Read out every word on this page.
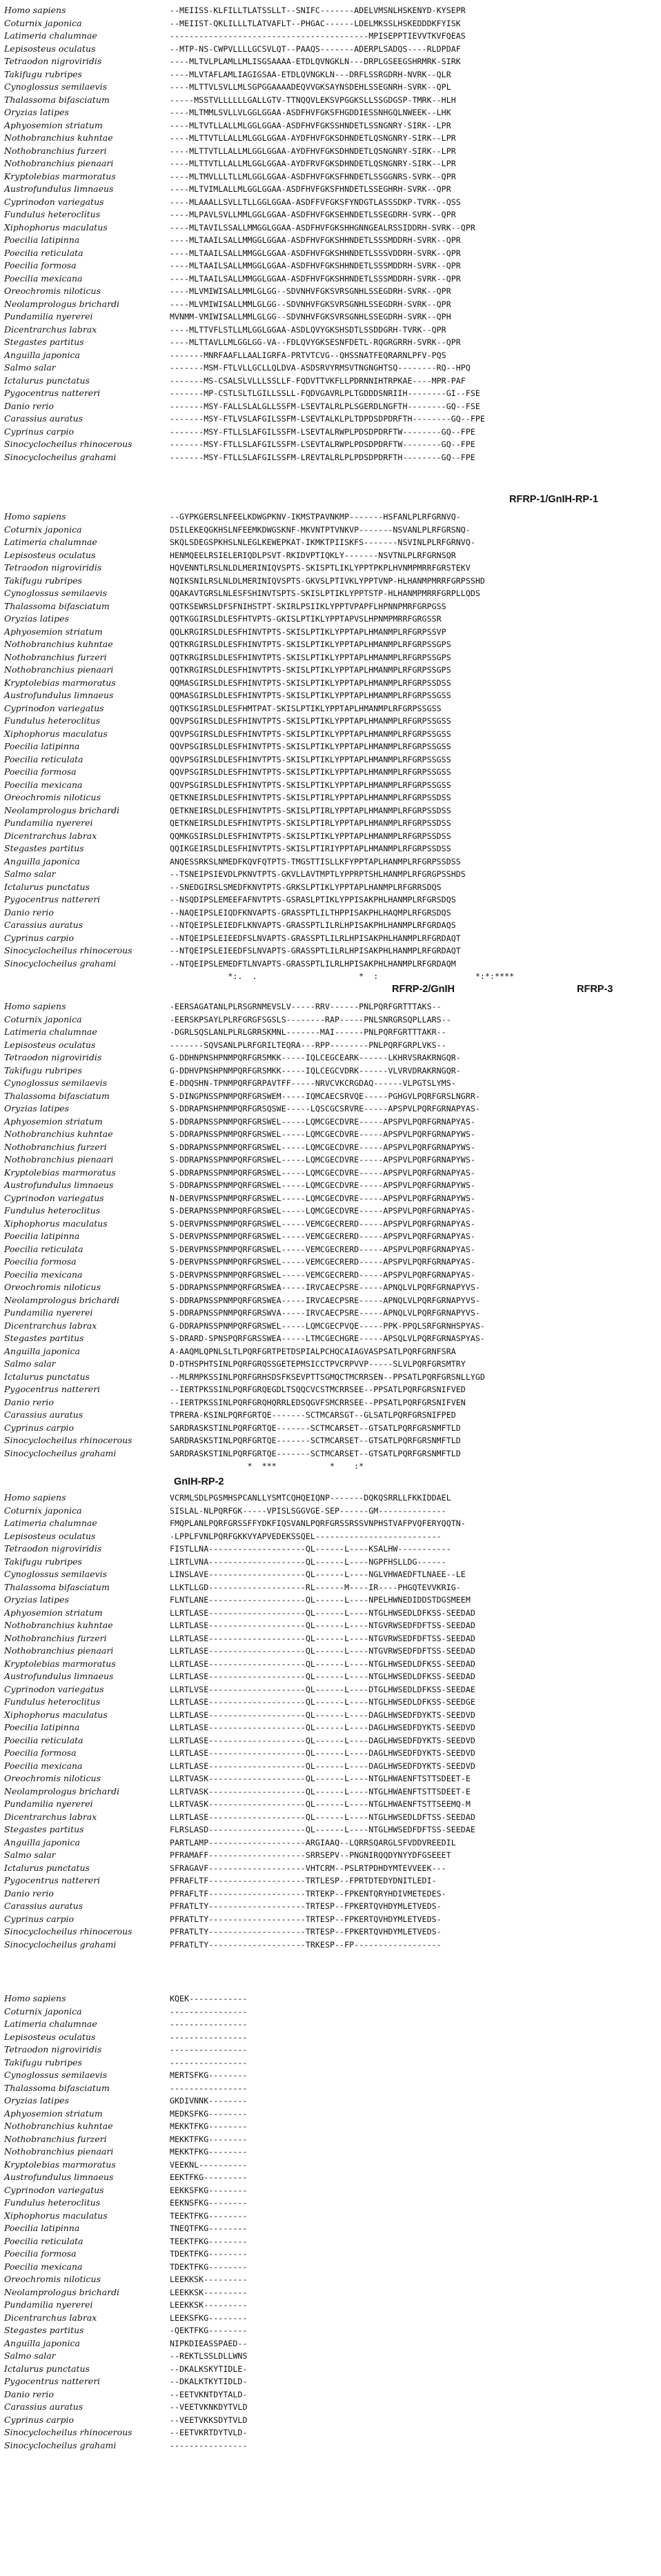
RFRP-1/GnIH-RP-1
RFRP-2/GnIH	RFRP-3
GnIH-RP-2
Homo sapiens	--MEIISS-KLFILLTLATSSLLT--SNIFC-------ADELVMSNLHSKENYD-KYSEPR
Coturnix japonica	--MEIIST-QKLILLLTLATVAFLT--PHGAC------LDELMKSSLHSKEDDDKFYISK
Latimeria chalumnae	-----------------------------------------MPISEPPTIEVVTKVFQEAS
Lepisosteus oculatus	--MTP-NS-CWPVLLLLGCSVLQT--PAAQS-------ADERPLSADQS----RLDPDAF
Tetraodon nigroviridis	----MLTVLPLAMLLMLISGSAAAA-ETDLQVNGKLN---DRPLGSEEGSHRMRK-SIRK
Takifugu rubripes	----MLVTAFLAMLIAGIGSAA-ETDLQVNGKLN---DRFLSSRGDRH-NVRK--QLR
Cynoglossus semilaevis	----MLTTVLSVLLMLSGPGGAAAADEQVVGKSAYNSDEHLSSEGNRH-SVRK--QPL
Thalassoma bifasciatum	-----MSSTVLLLLLLGALLGTV-TTNQQVLEKSVPGGKSLLSSGDGSP-TMRK--HLH
Oryzias latipes	----MLTMMLSVLLVLGGLGGAA-ASDFHVFGKSFHGDDIESSNHGQLNWEEK--LHK
Aphyosemion striatum	----MLTVTLLALLMLGGLGGAA-ASDFHVFGKSSHNDETLSSNGNRY-SIRK--LPR
Nothobranchius kuhntae	----MLTTVTLLALLMLGGLGGAA-AYDFHVFGKSDHNDETLQSNGNRY-SIRK--LPR
Nothobranchius furzeri	----MLTTVTLLALLMLGGLGGAA-AYDFHVFGKSDHNDETLQSNGNRY-SIRK--LPR
Nothobranchius pienaari	----MLTTVTLLALLMLGGLGGAA-AYDFRVFGKSDHNDETLQSNGNRY-SIRK--LPR
Kryptolebias marmoratus	----MLTMVLLLTLLMLGGLGGAA-ASDFHVFGKSFHNDETLSSGGNRS-SVRK--QPR
Austrofundulus limnaeus	----MLTVIMLALLMLGGLGGAA-ASDFHVFGKSFHNDETLSSEGHRH-SVRK--QPR
Cyprinodon variegatus	----MLAAALLSVLLTLLGGLGGAA-ASDFFVFGKSFYNDGTLASSSDKP-TVRK--QSS
Fundulus heteroclitus	----MLPAVLSVLLMMLGGLGGAA-ASDFHVFGKSEHNDETLSSEGDRH-SVRK--QPR
Xiphophorus maculatus	----MLTAVILSSALLMMGGLGGAA-ASDFHVFGKSHHGNNGEALRSSIDDRH-SVRK--QPR
Poecilia latipinna	----MLTAAILSALLMMGGLGGAA-ASDFHVFGKSHHNDETLSSSMDDRH-SVRK--QPR
Poecilia reticulata	----MLTAAILSALLMMGGLGGAA-ASDFHVFGKSHHNDETLSSSVDDRH-SVRK--QPR
Poecilia formosa	----MLTAAILSALLMMGGLGGAA-ASDFHVFGKSHHNDETLSSSMDDRH-SVRK--QPR
Poecilia mexicana	----MLTAAILSALLMMGGLGGAA-ASDFHVFGKSHHNDETLSSSMDDRH-SVRK--QPR
Oreochromis niloticus	----MLVMIWISALLMMLGLGG--SDVNHVFGKSVRSGNHLSSEGDRH-SVRK--QPR
Neolamprologus brichardi	----MLVMIWISALLMMLGLGG--SDVNHVFGKSVRSGNHLSSEGDRH-SVRK--QPR
Pundamilia nyererei	MVNMM-VMIWISALLMMLGLGG--SDVNHVFGKSVRSGNHLSSEGDRH-SVRK--QPH
Dicentrarchus labrax	----MLTTVFLSTLLMLGGLGGAA-ASDLQVYGKSHSDTLSSDDGRH-TVRK--QPR
Stegastes partitus	----MLTTAVLLMLGGLGG-VA--FDLQVYGKSESNFDETL-RQGRGRRH-SVRK--QPR
Anguilla japonica	-------MNRFAAFLLAALIGRFA-PRTVTCVG--QHSSNATFEQRARNLPFV-PQS
Salmo salar	-------MSM-FTLVLLGCLLQLDVA-ASDSRVYRMSVTNGNGHTSQ--------RQ--HPQ
Ictalurus punctatus	-------MS-CSALSLVLLLSSLLF-FQDVTTVKFLLPDRNNIHTRPKAE----MPR-PAF
Pygocentrus nattereri	-------MP-CSTLSLTLGILLSSLL-FQDVGAVRLPLTGDDDSNRIIH--------GI--FSE
Danio rerio	-------MSY-FALLSLALGLLSSFM-LSEVTALRLPLSGERDLNGFTH--------GQ--FSE
Carassius auratus	-------MSY-FTLVSLAFGILSSFM-LSEVTALKLPLTDPDSDPDRFTH--------GQ--FPE
Cyprinus carpio	-------MSY-FTLLSLAFGILSSFM-LSEVTALRWPLPDSDPDRFTW--------GQ--FPE
Sinocyclocheilus rhinocerous	-------MSY-FTLLSLAFGILSSFM-LSEVTALRWPLPDSDPDRFTW--------GQ--FPE
Sinocyclocheilus grahami	-------MSY-FTLLSLAFGILSSFM-LREVTALRLPLPDSDPDRFTH--------GQ--FPE
Homo sapiens	--GYPKGERSLNFEELKDWGPKNV-IKMSTPAVNKMP-------HSFANLPLRFGRNVQ-
Coturnix japonica	DSILEKEQGKHSLNFEEMKDWGSKNF-MKVNTPTVNKVP-------NSVANLPLRFGRSNQ-
Latimeria chalumnae	SKQLSDEGSPKHSLNLEGLKEWEPKAT-IKMKTPIISKFS-------NSVINLPLRFGRNVQ-
Lepisosteus oculatus	HENMQEELRSIELERIQDLPSVT-RKIDVPTIQKLY-------NSVTNLPLRFGRNSQR
Tetraodon nigroviridis	HQVENNTLRSLNLDLMERINIQVSPTS-SKISPTLIKLYPPTPKPLHVNMPMRRFGRSTEKV
Takifugu rubripes	NQIKSNILRSLNLDLMERINIQVSPTS-GKVSLPTIVKLYPPTVNP-HLHANMPMRRFGRPSSHD
Cynoglossus semilaevis	QQAKAVTGRSLNLESFSHINVTSPTS-SKISLPTIKLYPPTSTP-HLHANMPMRRFGRPLLQDS
Thalassoma bifasciatum	QQTKSEWRSLDFSFNIHSTPT-SKIRLPSIIKLYPPTVPAPFLHPNNPMRFGRPGSS
Oryzias latipes	QQTKGGIRSLDLESFHTVPTS-GKISLPTIKLYPPTAPVSLHPNMPMRRFGRGSSR
Aphyosemion striatum	QQLKRGIRSLDLESFHINVTPTS-SKISLPTIKLYPPTAPLHMANMPLRFGRPSSVP
Nothobranchius kuhntae	QQTKRGIRSLDLESFHINVTPTS-SKISLPTIKLYPPTAPLHMANMPLRFGRPSSGPS
Nothobranchius furzeri	QQTKRGIRSLDLESFHINVTPTS-SKISLPTIKLYPPTAPLHMANMPLRFGRPSSGPS
Nothobranchius pienaari	QQTKRGIRSLDLESFHINVTPTS-SKISLPTIKLYPPTAPLHMANMPLRFGRPSSGPS
Kryptolebias marmoratus	QQMASGIRSLDLESFHINVTPTS-SKISLPTIKLYPPTAPLHMANMPLRFGRPSSDSS
Austrofundulus limnaeus	QQMASGIRSLDLESFHINVTPTS-SKISLPTIKLYPPTAPLHMANMPLRFGRPSSGSS
Cyprinodon variegatus	QQTKSGIRSLDLESFHMTPAT-SKISLPTIKLYPPTAPLHMANMPLRFGRPSSGSS
Fundulus heteroclitus	QQVPSGIRSLDLESFHINVTPTS-SKISLPTIKLYPPTAPLHMANMPLRFGRPSSGSS
Xiphophorus maculatus	QQVPSGIRSLDLESFHINVTPTS-SKISLPTIKLYPPTAPLHMANMPLRFGRPSSGSS
Poecilia latipinna	QQVPSGIRSLDLESFHINVTPTS-SKISLPTIKLYPPTAPLHMANMPLRFGRPSSGSS
Poecilia reticulata	QQVPSGIRSLDLESFHINVTPTS-SKISLPTIKLYPPTAPLHMANMPLRFGRPSSGSS
Poecilia formosa	QQVPSGIRSLDLESFHINVTPTS-SKISLPTIKLYPPTAPLHMANMPLRFGRPSSGSS
Poecilia mexicana	QQVPSGIRSLDLESFHINVTPTS-SKISLPTIKLYPPTAPLHMANMPLRFGRPSSGSS
Oreochromis niloticus	QETKNEIRSLDLESFHINVTPTS-SKISLPTIRLYPPTAPLHMANMPLRFGRPSSDSS
Neolamprologus brichardi	QETKNEIRSLDLESFHINVTPTS-SKISLPTIRLYPPTAPLHMANMPLRFGRPSSDSS
Pundamilia nyererei	QETKNEIRSLDLESFHINVTPTS-SKISLPTIRLYPPTAPLHMANMPLRFGRPSSDSS
Dicentrarchus labrax	QQMKGSIRSLDLESFHINVTPTS-SKISLPTIKLYPPTAPLHMANMPLRFGRPSSDSS
Stegastes partitus	QQIKGEIRSLDLESFHINVTPTS-SKISLPTIRIYPPTAPLHMANMPLRFGRPSSDSS
Anguilla japonica	ANQESSRKSLNMEDFKQVFQTPTS-TMGSTTISLLKFYPPTAPLHANMPLRFGRPSSDSS
Salmo salar	--TSNEIPSIEVDLPKNVTPTS-GKVLLAVTMPTLYPPRPTSHLHANMPLRFGRGPSSHDS
Ictalurus punctatus	--SNEDGIRSLSMEDFKNVTPTS-GRKSLPTIKLYPPTAPLHANMPLRFGRRSDQS
Pygocentrus nattereri	--NSQDIPSLEMEEFAFNVTPTS-GSRASLPTIKLYPPISAKPHLHANMPLRFGRSDQS
Danio rerio	--NAQEIPSLEIQDFKNVAPTS-GRASSPTLILTHPPISAKPHLHAQMPLRFGRSDQS
Carassius auratus	--NTQEIPSLEIEDFLKNVAPTS-GRASSPTLILRLHPISAKPHLHANMPLRFGRDAQS
Cyprinus carpio	--NTQEIPSLEIEEDFSLNVAPTS-GRASSPTLILRLHPISAKPHLHANMPLRFGRDAQT
Sinocyclocheilus rhinocerous	--NTQEIPSLEIEEDFSLNVAPTS-GRASSPTLILRLHPISAKPHLHANMPLRFGRDAQT
Sinocyclocheilus grahami	--NTQEIPSLEMEDFTLNVAPTS-GRASSPTLILRLHPISAKPHLHANMPLRFGRDAQM
*:.  .                     *  :                    *:*:****
Homo sapiens	-EERSAGATANLPLRSGRNMEVSLV-----RRV------PNLPQRFGRTTTAKS--
Coturnix japonica	-EERSKPSAYLPLRFGRGFSGSLS--------RAP-----PNLSNRGRSQPLLARS--
Latimeria chalumnae	-DGRLSQSLANLPLRLGRRSKMNL-------MAI------PNLPQRFGRTTTAKR--
Lepisosteus oculatus	-------SQVSANLPLRFGRILTEQRA---RPP--------PNLPQRFGRPLVKS--
Tetraodon nigroviridis	G-DDHNPNSHPNMPQRFGRSMKK-----IQLCEGCEARK------LKHRVSRAKRNGQR-
Takifugu rubripes	G-DDHVPNSHPNMPQRFGRSMKK-----IQLCEGCVDRK------VLVRVDRAKRNGQR-
Cynoglossus semilaevis	E-DDQSHN-TPNMPQRFGRPAVTFF-----NRVCVKCRGDAQ------VLPGTSLYMS-
Thalassoma bifasciatum	S-DINGPNSSPNMPQRFGRSWEM-----IQMCAECSRVQE-----PGHGVLPQRFGRSLNGRR-
Oryzias latipes	S-DDRAPNSHPNMPQRFGRSQSWE-----LQSCGCSRVRE-----APSPVLPQRFGRNAPYAS-
Aphyosemion striatum	S-DDRAPNSSPNMPQRFGRSWEL-----LQMCGECDVRE-----APSPVLPQRFGRNAPYAS-
Nothobranchius kuhntae	S-DDRAPNSSPNMPQRFGRSWEL-----LQMCGECDVRE-----APSPVLPQRFGRNAPYWS-
Nothobranchius furzeri	S-DDRAPNSSPNMPQRFGRSWEL-----LQMCGECDVRE-----APSPVLPQRFGRNAPYWS-
Nothobranchius pienaari	S-DDRAPNSSPNMPQRFGRSWEL-----LQMCGECDVRE-----APSPVLPQRFGRNAPYWS-
Kryptolebias marmoratus	S-DDRAPNSSPNMPQRFGRSWEL-----LQMCGECDVRE-----APSPVLPQRFGRNAPYAS-
Austrofundulus limnaeus	S-DDRAPNSSPNMPQRFGRSWEL-----LQMCGECDVRE-----APSPVLPQRFGRNAPYWS-
Cyprinodon variegatus	N-DERVPNSSPNMPQRFGRSWEL-----LQMCGECDVRE-----APSPVLPQRFGRNAPYWS-
Fundulus heteroclitus	S-DERAPNSSPNMPQRFGRSWEL-----LQMCGECDVRE-----APSPVLPQRFGRNAPYAS-
Xiphophorus maculatus	S-DERVPNSSPNMPQRFGRSWEL-----VEMCGECRERD-----APSPVLPQRFGRNAPYAS-
Poecilia latipinna	S-DERVPNSSPNMPQRFGRSWEL-----VEMCGECRERD-----APSPVLPQRFGRNAPYAS-
Poecilia reticulata	S-DERVPNSSPNMPQRFGRSWEL-----VEMCGECRERD-----APSPVLPQRFGRNAPYAS-
Poecilia formosa	S-DERVPNSSPNMPQRFGRSWEL-----VEMCGECRERD-----APSPVLPQRFGRNAPYAS-
Poecilia mexicana	S-DERVPNSSPNMPQRFGRSWEL-----VEMCGECRERD-----APSPVLPQRFGRNAPYAS-
Oreochromis niloticus	S-DDRAPNSSPNMPQRFGRSWEA-----IRVCAECPSRE-----APNQLVLPQRFGRNAPYVS-
Neolamprologus brichardi	S-DDRAPNSSPNMPQRFGRSWEA-----IRVCAECPSRE-----APNQLVLPQRFGRNAPYVS-
Pundamilia nyererei	S-DDRAPNSSPNMPQRFGRSWVA-----IRVCAECPSRE-----APNQLVLPQRFGRNAPYVS-
Dicentrarchus labrax	G-DDRAPNSSPNMPQRFGRSWEL-----LQMCGECPVQE-----PPK-PPQLSRFGRNHSPYAS-
Stegastes partitus	S-DRARD-SPNSPQRFGRSSWEA-----LTMCGECHGRE-----APSQLVLPQRFGRNASPYAS-
Anguilla japonica	A-AAQMLQPNLSLTLPQRFGRTPETDSPIALPCHQCAIAGVASPSATLPQRFGRNFSRA
Salmo salar	D-DTHSPHTSINLPQRFGRQSSGETEPMSICCTPVCRPVVP-----SLVLPQRFGRSMTRY
Ictalurus punctatus	--MLRMPKSSINLPQRFGRHSDSFKSEVPTTSGMQCTMCRRSEN--PPSATLPQRFGRSNLLYGD
Pygocentrus nattereri	--IERTPKSSINLPQRFGRQEGDLTSQQCVCSTMCRRSEE--PPSATLPQRFGRSNIFVED
Danio rerio	--IERTPKSSINLPQRFGRQHQRRLEDSQGVFSMCRRSEE--PPSATLPQRFGRSNIFVEN
Carassius auratus	TPRERA-KSINLPQRFGRTQE-------SCTMCARSGT--GLSATLPQRFGRSNIFPED
Cyprinus carpio	SARDRASKSTINLPQRFGRTQE-------SCTMCARSET--GTSATLPQRFGRSNMFTLD
Sinocyclocheilus rhinocerous	SARDRASKSTINLPQRFGRTQE-------SCTMCARSET--GTSATLPQRFGRSNMFTLD
Sinocyclocheilus grahami	SARDRASKSTINLPQRFGRTQE-------SCTMCARSET--GTSATLPQRFGRSNMFTLD
*  ***           *    :*
Homo sapiens	VCRMLSDLPGSMHSPCANLLYSMTCQHQEIQNP-------DQKQSRRLLFKKIDDAEL
Coturnix japonica	SISLAL-NLPQRFGK-----VPISLSGGVGE-SEP------GM--------------
Latimeria chalumnae	FMQPLANLPQRFGRSSFFYDKFIQSVANLPQRFGRSSRSSVNPHSTVAFPVQFERYQQTN-
Lepisosteus oculatus	-LPPLFVNLPQRFGKKVYAPVEDEKSSQEL--------------------------
Tetraodon nigroviridis	FISTLLNA--------------------QL------L----KSALHW-----------
Takifugu rubripes	LIRTLVNA--------------------QL------L----NGPFHSLLDG------
Cynoglossus semilaevis	LINSLAVE--------------------QL------L----NGLVHWAEDFTLNAEE--LE
Thalassoma bifasciatum	LLKTLLGD--------------------RL------M----IR----PHGQTEVVKRIG-
Oryzias latipes	FLNTLANE--------------------QL------L----NPELHWNEDIDDSTDGSMEEM
Aphyosemion striatum	LLRTLASE--------------------QL------L----NTGLHWSEDLDFKSS-SEEDAD
Nothobranchius kuhntae	LLRTLASE--------------------QL------L----NTGVRWSEDFDFTSS-SEEDAD
Nothobranchius furzeri	LLRTLASE--------------------QL------L----NTGVRWSEDFDFTSS-SEEDAD
Nothobranchius pienaari	LLRTLASE--------------------QL------L----NTGVRWSEDFDFTSS-SEEDAD
Kryptolebias marmoratus	LLRTLASE--------------------QL------L----NTGLHWSEDLDFKSS-SEEDAD
Austrofundulus limnaeus	LLRTLASE--------------------QL------L----NTGLHWSEDLDFKSS-SEEDAD
Cyprinodon variegatus	LLRTLVSE--------------------QL------L----DTGLHWSEDLDFKSS-SEEDAE
Fundulus heteroclitus	LLRTLASE--------------------QL------L----NTGLHWSEDLDFKSS-SEEDGE
Xiphophorus maculatus	LLRTLASE--------------------QL------L----DAGLHWSEDFDYKTS-SEEDVD
Poecilia latipinna	LLRTLASE--------------------QL------L----DAGLHWSEDFDYKTS-SEEDVD
Poecilia reticulata	LLRTLASE--------------------QL------L----DAGLHWSEDFDYKTS-SEEDVD
Poecilia formosa	LLRTLASE--------------------QL------L----DAGLHWSEDFDYKTS-SEEDVD
Poecilia mexicana	LLRTLASE--------------------QL------L----DAGLHWSEDFDYKTS-SEEDVD
Oreochromis niloticus	LLRTVASK--------------------QL------L----NTGLHWAENFTSTTSDEET-E
Neolamprologus brichardi	LLRTVASK--------------------QL------L----NTGLHWAENFTSTTSDEET-E
Pundamilia nyererei	LLRTVASK--------------------QL------L----NTGLHWAENFTSTTSEEMQ-M
Dicentrarchus labrax	LLRTLASE--------------------QL------L----NTGLHWSEDLDFTSS-SEEDAD
Stegastes partitus	FLRSLASD--------------------QL------L----NTGLHWSEDFDFTSS-SEEDAE
Anguilla japonica	PARTLAMP--------------------ARGIAAQ--LQRRSQARGLSFVDDVREEDIL
Salmo salar	PFRAMAFF--------------------SRRSEPV--PNGNIRQQDYNYYDFGSEEET
Ictalurus punctatus	SFRAGAVF--------------------VHTCRM--PSLRTPDHDYMTEVVEEK---
Pygocentrus nattereri	PFRAFLTF--------------------TRTLESP--FPRTDTEDYDNITLEDI-
Danio rerio	PFRAFLTF--------------------TRTEKP--FPKENTQRYHDIVMETEDES-
Carassius auratus	PFRATLTY--------------------TRTESP--FPKERTQVHDYMLETVEDS-
Cyprinus carpio	PFRATLTY--------------------TRTESP--FPKERTQVHDYMLETVEDS-
Sinocyclocheilus rhinocerous	PFRATLTY--------------------TRTESP--FPKERTQVHDYMLETVEDS-
Sinocyclocheilus grahami	PFRATLTY--------------------TRKESP--FP------------------
Homo sapiens	KQEK------------
Coturnix japonica	----------------
Latimeria chalumnae	----------------
Lepisosteus oculatus	----------------
Tetraodon nigroviridis	----------------
Takifugu rubripes	----------------
Cynoglossus semilaevis	MERTSFKG--------
Thalassoma bifasciatum	----------------
Oryzias latipes	GKDIVNNK--------
Aphyosemion striatum	MEDKSFKG--------
Nothobranchius kuhntae	MEKKTFKG--------
Nothobranchius furzeri	MEKKTFKG--------
Nothobranchius pienaari	MEKKTFKG--------
Kryptolebias marmoratus	VEEKNL----------
Austrofundulus limnaeus	EEKTFKG---------
Cyprinodon variegatus	EEKKSFKG--------
Fundulus heteroclitus	EEKNSFKG--------
Xiphophorus maculatus	TEEKTFKG--------
Poecilia latipinna	TNEQTFKG--------
Poecilia reticulata	TEEKTFKG--------
Poecilia formosa	TDEKTFKG--------
Poecilia mexicana	TDEKTFKG--------
Oreochromis niloticus	LEEKKSK---------
Neolamprologus brichardi	LEEKKSK---------
Pundamilia nyererei	LEEKKSK---------
Dicentrarchus labrax	LEEKSFKG--------
Stegastes partitus	-QEKTFKG--------
Anguilla japonica	NIPKDIEASSPAED--
Salmo salar	--REKTLSSLDLLWNS
Ictalurus punctatus	--DKALKSKYTIDLE-
Pygocentrus nattereri	--DKALKTKYTIDLD-
Danio rerio	--EETVKNTDYTALD-
Carassius auratus	--VEETVKNKDYTVLD
Cyprinus carpio	--VEETVKKSDYTVLD
Sinocyclocheilus rhinocerous	--EETVKRTDYTVLD-
Sinocyclocheilus grahami	----------------
